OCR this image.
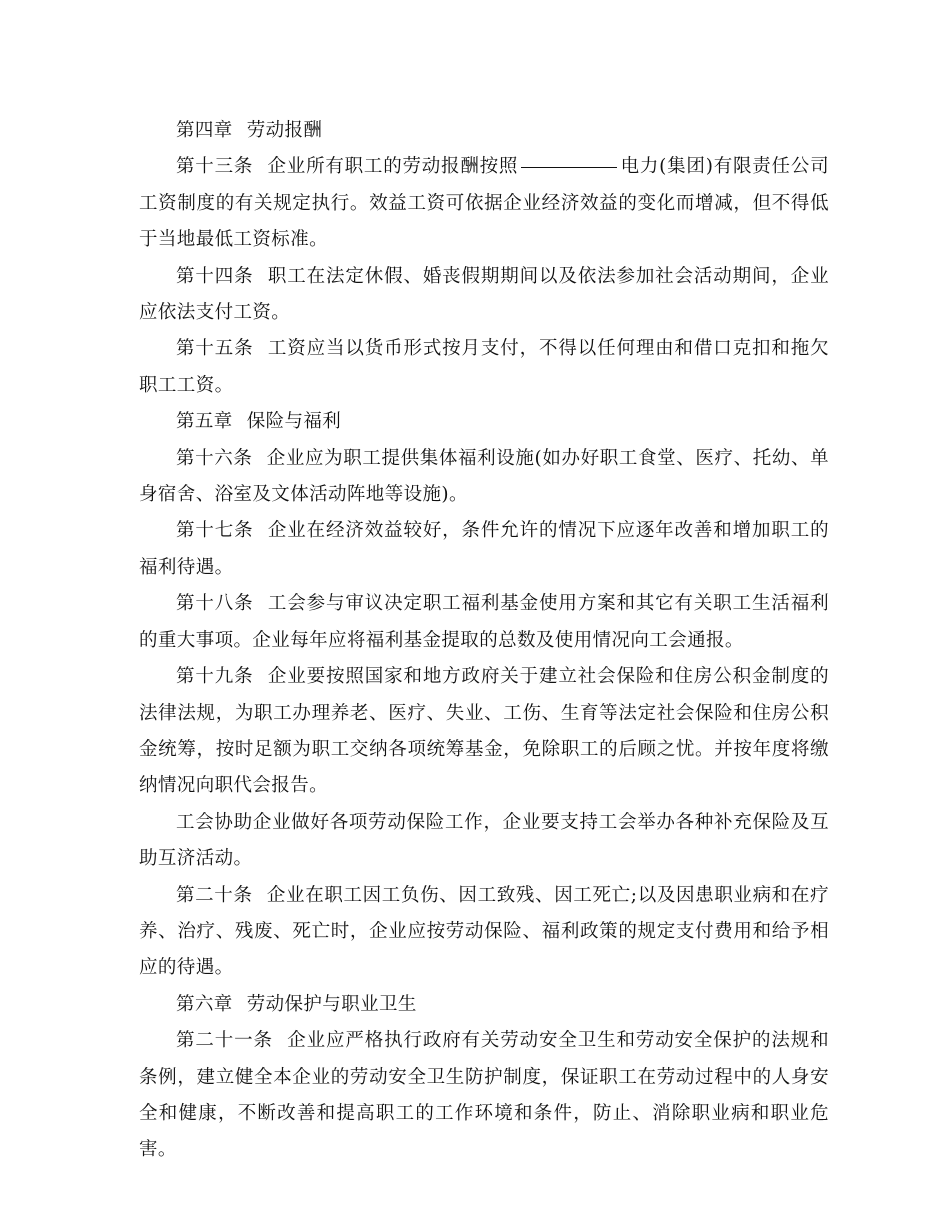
第四章 劳动报酬

第十三条 企业所有职工的劳动报酬按照	电力(集团)有限责任公司工资制度的有关规定执行。效益工资可依据企业经济效益的变化而增减，但不得低于当地最低工资标准。

第十四条 职工在法定休假、婚丧假期期间以及依法参加社会活动期间，企业应依法支付工资。

第十五条 工资应当以货币形式按月支付，不得以任何理由和借口克扣和拖欠职工工资。

第五章 保险与福利

第十六条 企业应为职工提供集体福利设施(如办好职工食堂、医疗、托幼、单身宿舍、浴室及文体活动阵地等设施)。

第十七条 企业在经济效益较好，条件允许的情况下应逐年改善和增加职工的福利待遇。

第十八条 工会参与审议决定职工福利基金使用方案和其它有关职工生活福利的重大事项。企业每年应将福利基金提取的总数及使用情况向工会通报。

第十九条 企业要按照国家和地方政府关于建立社会保险和住房公积金制度的法律法规，为职工办理养老、医疗、失业、工伤、生育等法定社会保险和住房公积金统筹，按时足额为职工交纳各项统筹基金，免除职工的后顾之忧。并按年度将缴纳情况向职代会报告。

工会协助企业做好各项劳动保险工作，企业要支持工会举办各种补充保险及互助互济活动。

第二十条 企业在职工因工负伤、因工致残、因工死亡;以及因患职业病和在疗养、治疗、残废、死亡时，企业应按劳动保险、福利政策的规定支付费用和给予相应的待遇。

第六章 劳动保护与职业卫生

第二十一条 企业应严格执行政府有关劳动安全卫生和劳动安全保护的法规和条例，建立健全本企业的劳动安全卫生防护制度，保证职工在劳动过程中的人身安全和健康，不断改善和提高职工的工作环境和条件，防止、消除职业病和职业危害。
